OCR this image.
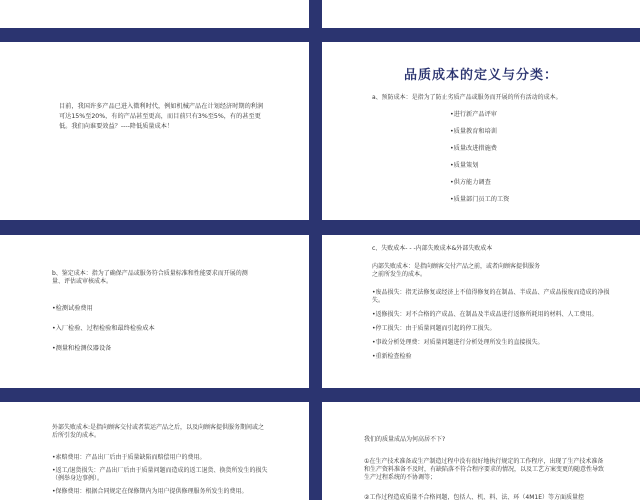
目前，我国许多产品已进入微利时代，例如机械产品在计划经济时期的利润可达15%至20%，有的产品甚至更高，而目前只有3%至5%，有的甚至更低。我们向谁要效益？----降低质量成本！

品质成本的定义与分类：

a、预防成本：是指为了防止劣质产品或服务而开展的所有活动的成本。

•进行新产品评审
•质量教育和培训
•质量改进措施费
•质量策划
•供方能力调查
•质量部门员工的工资

b、鉴定成本：指为了确保产品或服务符合质量标准和性能要求而开展的测量、评估或审核成本。

•检测试验费用
•入厂检验、过程检验和最终检验成本
•测量和检测仪器设备

c、失败成本- - -内部失败成本&外部失败成本

内部失败成本：是指向顾客交付产品之前，或者向顾客提供服务之前所发生的成本。

•废品损失：指无法修复或经济上不值得修复的在制品、半成品、产成品报废而造成的净损失。

•返修损失：对不合格的产成品、在制品及半成品进行返修所耗用的材料、人工费用。

•停工损失：由于质量问题而引起的停工损失。

•事故分析处理费：对质量问题进行分析处理所发生的直接损失。

•重新检查检验

外部失败成本:是指向顾客交付或者装运产品之后，以及向顾客提供服务期间或之后所引发的成本。

•索赔费用：产品出厂后由于质量缺陷而赔偿用户的费用。

•返工/退货损失：产品出厂后由于质量问题而造成的返工退货、换货所发生的损失（例举身边事例）。

•保修费用：根据合同规定在保修期内为用户提供修理服务所发生的费用。

我们的质量成品为何高居不下?

①在生产技术准备或生产制造过程中没有很好地执行规定的工作程序，出现了生产技术准备和生产资料准备不及时，有缺陷落不符合程序要求的情况，以及工艺方案变更的随意性导致生产过程系统的不协调等；

②工作过程造成质量不合格问题，包括人、机、料、法、环（4M1E）等方面质量控
